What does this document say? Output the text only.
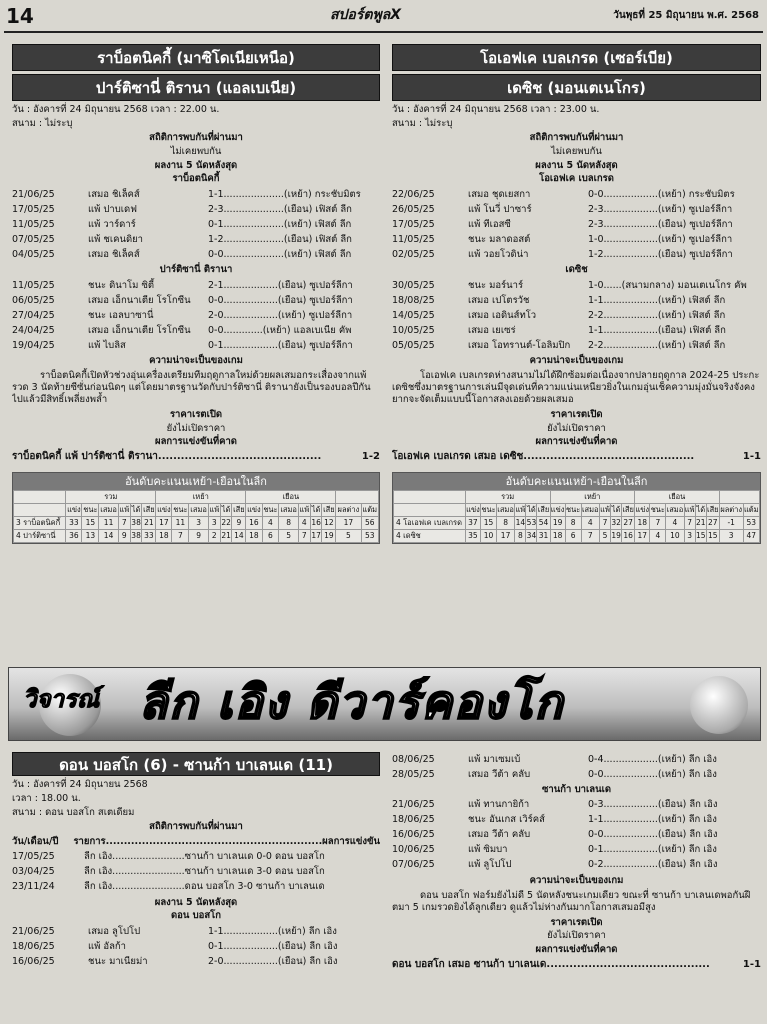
14	สปอร์ตพูลX	วันพุธที่ 25 มิถุนายน พ.ศ. 2568
ราบ็อตนิคกี้ (มาซิโดเนียเหนือ)
ปาร์ติซานี่ ติรานา (แอลเบเนีย)
วัน : อังคารที่ 24 มิถุนายน 2568 เวลา : 22.00 น.
สนาม : ไม่ระบุ
สถิติการพบกันที่ผ่านมา
ไม่เคยพบกัน
ผลงาน 5 นัดหลังสุด
ราบ็อตนิคกี้
21/06/25	เสมอ ชิเล็คส์	1-1....................(เหย้า) กระชับมิตร
17/05/25	แพ้ ปาบเดฟ	2-3....................(เยือน) เฟิสต์ ลีก
11/05/25	แพ้ วาร์ดาร์	0-1....................(เหย้า) เฟิสต์ ลีก
07/05/25	แพ้ ชเคนดิยา	1-2....................(เยือน) เฟิสต์ ลีก
04/05/25	เสมอ ชิเล็คส์	0-0....................(เหย้า) เฟิสต์ ลีก
ปาร์ติซานี่ ติรานา
11/05/25	ชนะ ดินาโม ซิตี้	2-1..................(เยือน) ซูเปอร์ลีกา
06/05/25	เสมอ เอ็กนาเตีย โรโกซีน	0-0..................(เยือน) ซูเปอร์ลีกา
27/04/25	ชนะ เอลบาซานี่	2-0..................(เหย้า) ซูเปอร์ลีกา
24/04/25	เสมอ เอ็กนาเตีย โรโกซีน	0-0.............(เหย้า) แอลเบเนีย คัพ
19/04/25	แพ้ ไบลิส	0-1..................(เยือน) ซูเปอร์ลีกา
ความน่าจะเป็นของเกม
ราบ็อตนิคกี้เปิดหัวช่วงอุ่นเครื่องเตรียมทีมฤดูกาลใหม่ด้วยผลเสมอกระเสื่องจากแพ้รวด 3 นัดท้ายซีซั่นก่อนนิดๆ แต่โดยมาตรฐานวัดกับปาร์ติซานี่ ติรานายังเป็นรองบอลปีกันไปแล้วมีสิทธิ์เพลี่ยงพล้ำ
ราคาเรตเปิด
ยังไม่เปิดราคา
ผลการแข่งขันที่คาด
ราบ็อตนิคกี้ แพ้ ปาร์ติซานี่ ติรานา...........................................	1-2
อันดับคะแนนเหย้า-เยือนในลีก
	รวม						เหย้า						เยือน							
	แข่ง	ชนะ	เสมอ	แพ้	ได้	เสีย	แข่ง	ชนะ	เสมอ	แพ้	ได้	เสีย	แข่ง	ชนะ	เสมอ	แพ้	ได้	เสีย	ผลต่าง	แต้ม
3 ราบ็อตนิคกี้	33	15	11	7	38	21	17	11	3	3	22	9	16	4	8	4	16	12	17	56
4 ปาร์ติซานี่	36	13	14	9	38	33	18	7	9	2	21	14	18	6	5	7	17	19	5	53
โอเอฟเค เบลเกรด (เซอร์เบีย)
เดซิช (มอนเตเนโกร)
วัน : อังคารที่ 24 มิถุนายน 2568 เวลา : 23.00 น.
สนาม : ไม่ระบุ
สถิติการพบกันที่ผ่านมา
ไม่เคยพบกัน
ผลงาน 5 นัดหลังสุด
โอเอฟเค เบลเกรด
22/06/25	เสมอ ชุดเยสกา	0-0..................(เหย้า) กระชับมิตร
26/05/25	แพ้ โนวี่ ปาซาร์	2-3..................(เหย้า) ซูเปอร์ลีกา
17/05/25	แพ้ ทีเอสซี	2-3..................(เยือน) ซูเปอร์ลีกา
11/05/25	ชนะ มลาดอสต์	1-0..................(เหย้า) ซูเปอร์ลีกา
02/05/25	แพ้ วอยโวดิน่า	1-2..................(เยือน) ซูเปอร์ลีกา
เดซิช
30/05/25	ชนะ มอร์นาร์	1-0......(สนามกลาง) มอนเตเนโกร คัพ
18/08/25	เสมอ เปโตรวัช	1-1..................(เหย้า) เฟิสต์ ลีก
14/05/25	เสมอ เอดินส์ทโว	2-2..................(เหย้า) เฟิสต์ ลีก
10/05/25	เสมอ เยเซร่	1-1..................(เยือน) เฟิสต์ ลีก
05/05/25	เสมอ โอทรานต์-โอลิมปิก	2-2..................(เหย้า) เฟิสต์ ลีก
ความน่าจะเป็นของเกม
โอเอฟเค เบลเกรดห่างสนามไม่ได้ฝึกซ้อมต่อเนื่องจากปลายฤดูกาล 2024-25 ประกะเดซิชซึ่งมาตรฐานการเล่นมีจุดเด่นที่ความแน่นเหนียวยิ่งในเกมอุ่นเช็คความมุ่งมั่นจริงจังคงยากจะจัดเต็มแบบนี้โอกาสลงเอยด้วยผลเสมอ
ราคาเรตเปิด
ยังไม่เปิดราคา
ผลการแข่งขันที่คาด
โอเอฟเค เบลเกรด เสมอ เดซิช.............................................	1-1
อันดับคะแนนเหย้า-เยือนในลีก
	รวม						เหย้า						เยือน							
	แข่ง	ชนะ	เสมอ	แพ้	ได้	เสีย	แข่ง	ชนะ	เสมอ	แพ้	ได้	เสีย	แข่ง	ชนะ	เสมอ	แพ้	ได้	เสีย	ผลต่าง	แต้ม
4 โอเอฟเค เบลเกรด	37	15	8	14	53	54	19	8	4	7	32	27	18	7	4	7	21	27	-1	53
4 เดซิช	35	10	17	8	34	31	18	6	7	5	19	16	17	4	10	3	15	15	3	47
วิจารณ์ ลีก เอิง ดีวาร์คองโก
ดอน บอสโก (6) - ซานก้า บาเลนเด (11)
วัน : อังคารที่ 24 มิถุนายน 2568
เวลา : 18.00 น.
สนาม : ดอน บอสโก สเตเดียม
สถิติการพบกันที่ผ่านมา
วัน/เดือน/ปี	รายการ............................................................ผลการแข่งขัน
17/05/25	ลีก เอิง........................ซานก้า บาเลนเด 0-0 ดอน บอสโก
03/04/25	ลีก เอิง........................ซานก้า บาเลนเด 3-0 ดอน บอสโก
23/11/24	ลีก เอิง........................ดอน บอสโก 3-0 ซานก้า บาเลนเด
ผลงาน 5 นัดหลังสุด
ดอน บอสโก
21/06/25	เสมอ ลูโปโป	1-1..................(เหย้า) ลีก เอิง
18/06/25	แพ้ อัลก้า	0-1..................(เยือน) ลีก เอิง
16/06/25	ชนะ มาเนียม่า	2-0..................(เยือน) ลีก เอิง
08/06/25	แพ้ มาเซมเบ้	0-4..................(เหย้า) ลีก เอิง
28/05/25	เสมอ วีต้า คลับ	0-0..................(เหย้า) ลีก เอิง
ซานก้า บาเลนเด
21/06/25	แพ้ ทานกายิก้า	0-3..................(เยือน) ลีก เอิง
18/06/25	ชนะ อันเกส เวิร์คส์	1-1..................(เหย้า) ลีก เอิง
16/06/25	เสมอ วีต้า คลับ	0-0..................(เยือน) ลีก เอิง
10/06/25	แพ้ ซิมบา	0-1..................(เหย้า) ลีก เอิง
07/06/25	แพ้ ลูโปโป	0-2..................(เยือน) ลีก เอิง
ความน่าจะเป็นของเกม
ดอน บอสโก ฟอร์มยังไม่ดี 5 นัดหลังชนะเกมเดียว ขณะที่ ซานก้า บาเลนเดพอกันฝีตมา 5 เกมรวดยิงได้ลูกเดียว ดูแล้วไม่ห่างกันมากโอกาสเสมอมีสูง
ราคาเรตเปิด
ยังไม่เปิดราคา
ผลการแข่งขันที่คาด
ดอน บอสโก เสมอ ซานก้า บาเลนเด...........................................	1-1
